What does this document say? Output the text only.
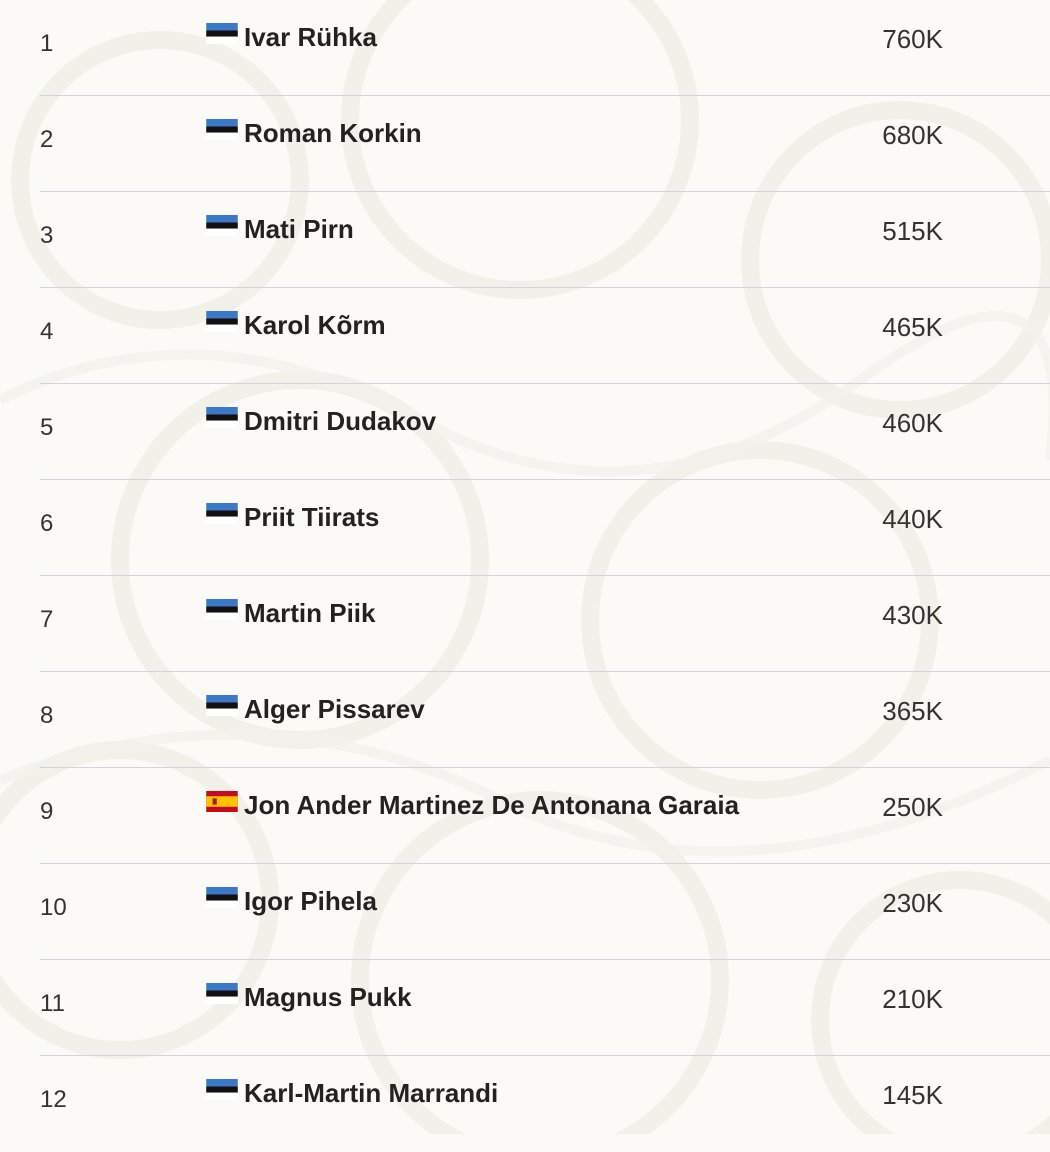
1	Ivar Rühka	760K
2	Roman Korkin	680K
3	Mati Pirn	515K
4	Karol Kõrm	465K
5	Dmitri Dudakov	460K
6	Priit Tiirats	440K
7	Martin Piik	430K
8	Alger Pissarev	365K
9	Jon Ander Martinez De Antonana Garaia	250K
10	Igor Pihela	230K
11	Magnus Pukk	210K
12	Karl-Martin Marrandi	145K
